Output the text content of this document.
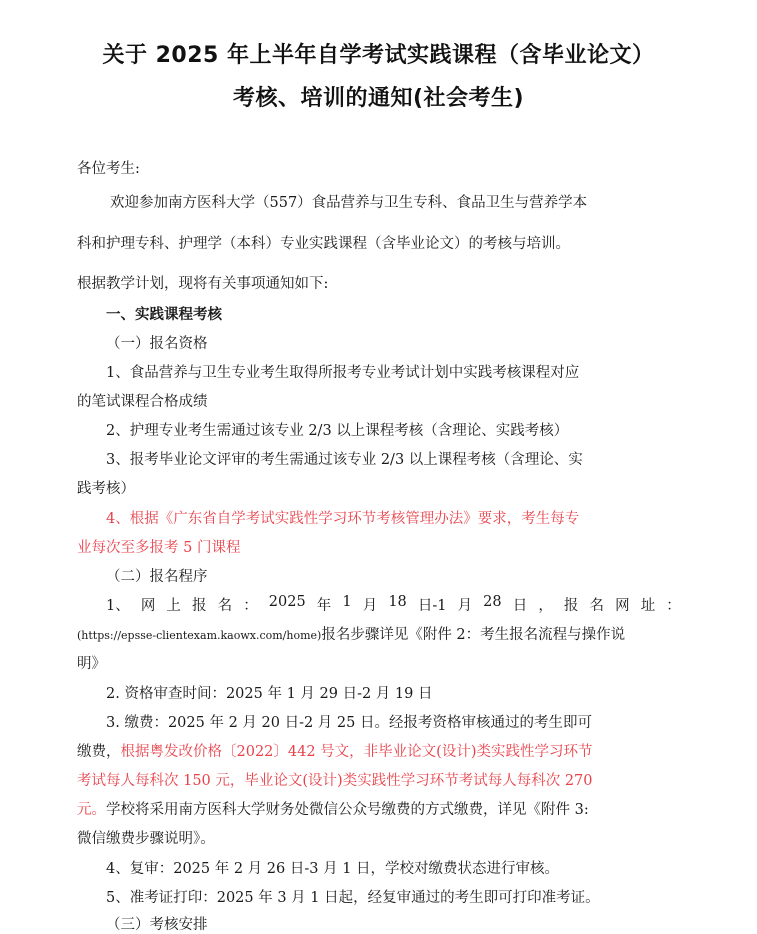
关于 2025 年上半年自学考试实践课程（含毕业论文）
考核、培训的通知(社会考生)
各位考生:
欢迎参加南方医科大学（557）食品营养与卫生专科、食品卫生与营养学本
科和护理专科、护理学（本科）专业实践课程（含毕业论文）的考核与培训。
根据教学计划，现将有关事项通知如下:
一、实践课程考核
（一）报名资格
1、食品营养与卫生专业考生取得所报考专业考试计划中实践考核课程对应
的笔试课程合格成绩
2、护理专业考生需通过该专业 2/3 以上课程考核（含理论、实践考核）
3、报考毕业论文评审的考生需通过该专业 2/3 以上课程考核（含理论、实
践考核）
4、根据《广东省自学考试实践性学习环节考核管理办法》要求，考生每专
业每次至多报考 5 门课程
（二）报名程序
1、 网 上 报 名 ： 2025 年 1 月 18 日-1 月 28 日 ， 报 名 网 址 ：
(https://epsse-clientexam.kaowx.com/home)报名步骤详见《附件 2：考生报名流程与操作说
明》
2. 资格审查时间：2025 年 1 月 29 日-2 月 19 日
3. 缴费：2025 年 2 月 20 日-2 月 25 日。经报考资格审核通过的考生即可
缴费，根据粤发改价格〔2022〕442 号文，非毕业论文(设计)类实践性学习环节
考试每人每科次 150 元，毕业论文(设计)类实践性学习环节考试每人每科次 270
元。学校将采用南方医科大学财务处微信公众号缴费的方式缴费，详见《附件 3:
微信缴费步骤说明》。
4、复审：2025 年 2 月 26 日-3 月 1 日，学校对缴费状态进行审核。
5、准考证打印：2025 年 3 月 1 日起，经复审通过的考生即可打印准考证。
（三）考核安排
